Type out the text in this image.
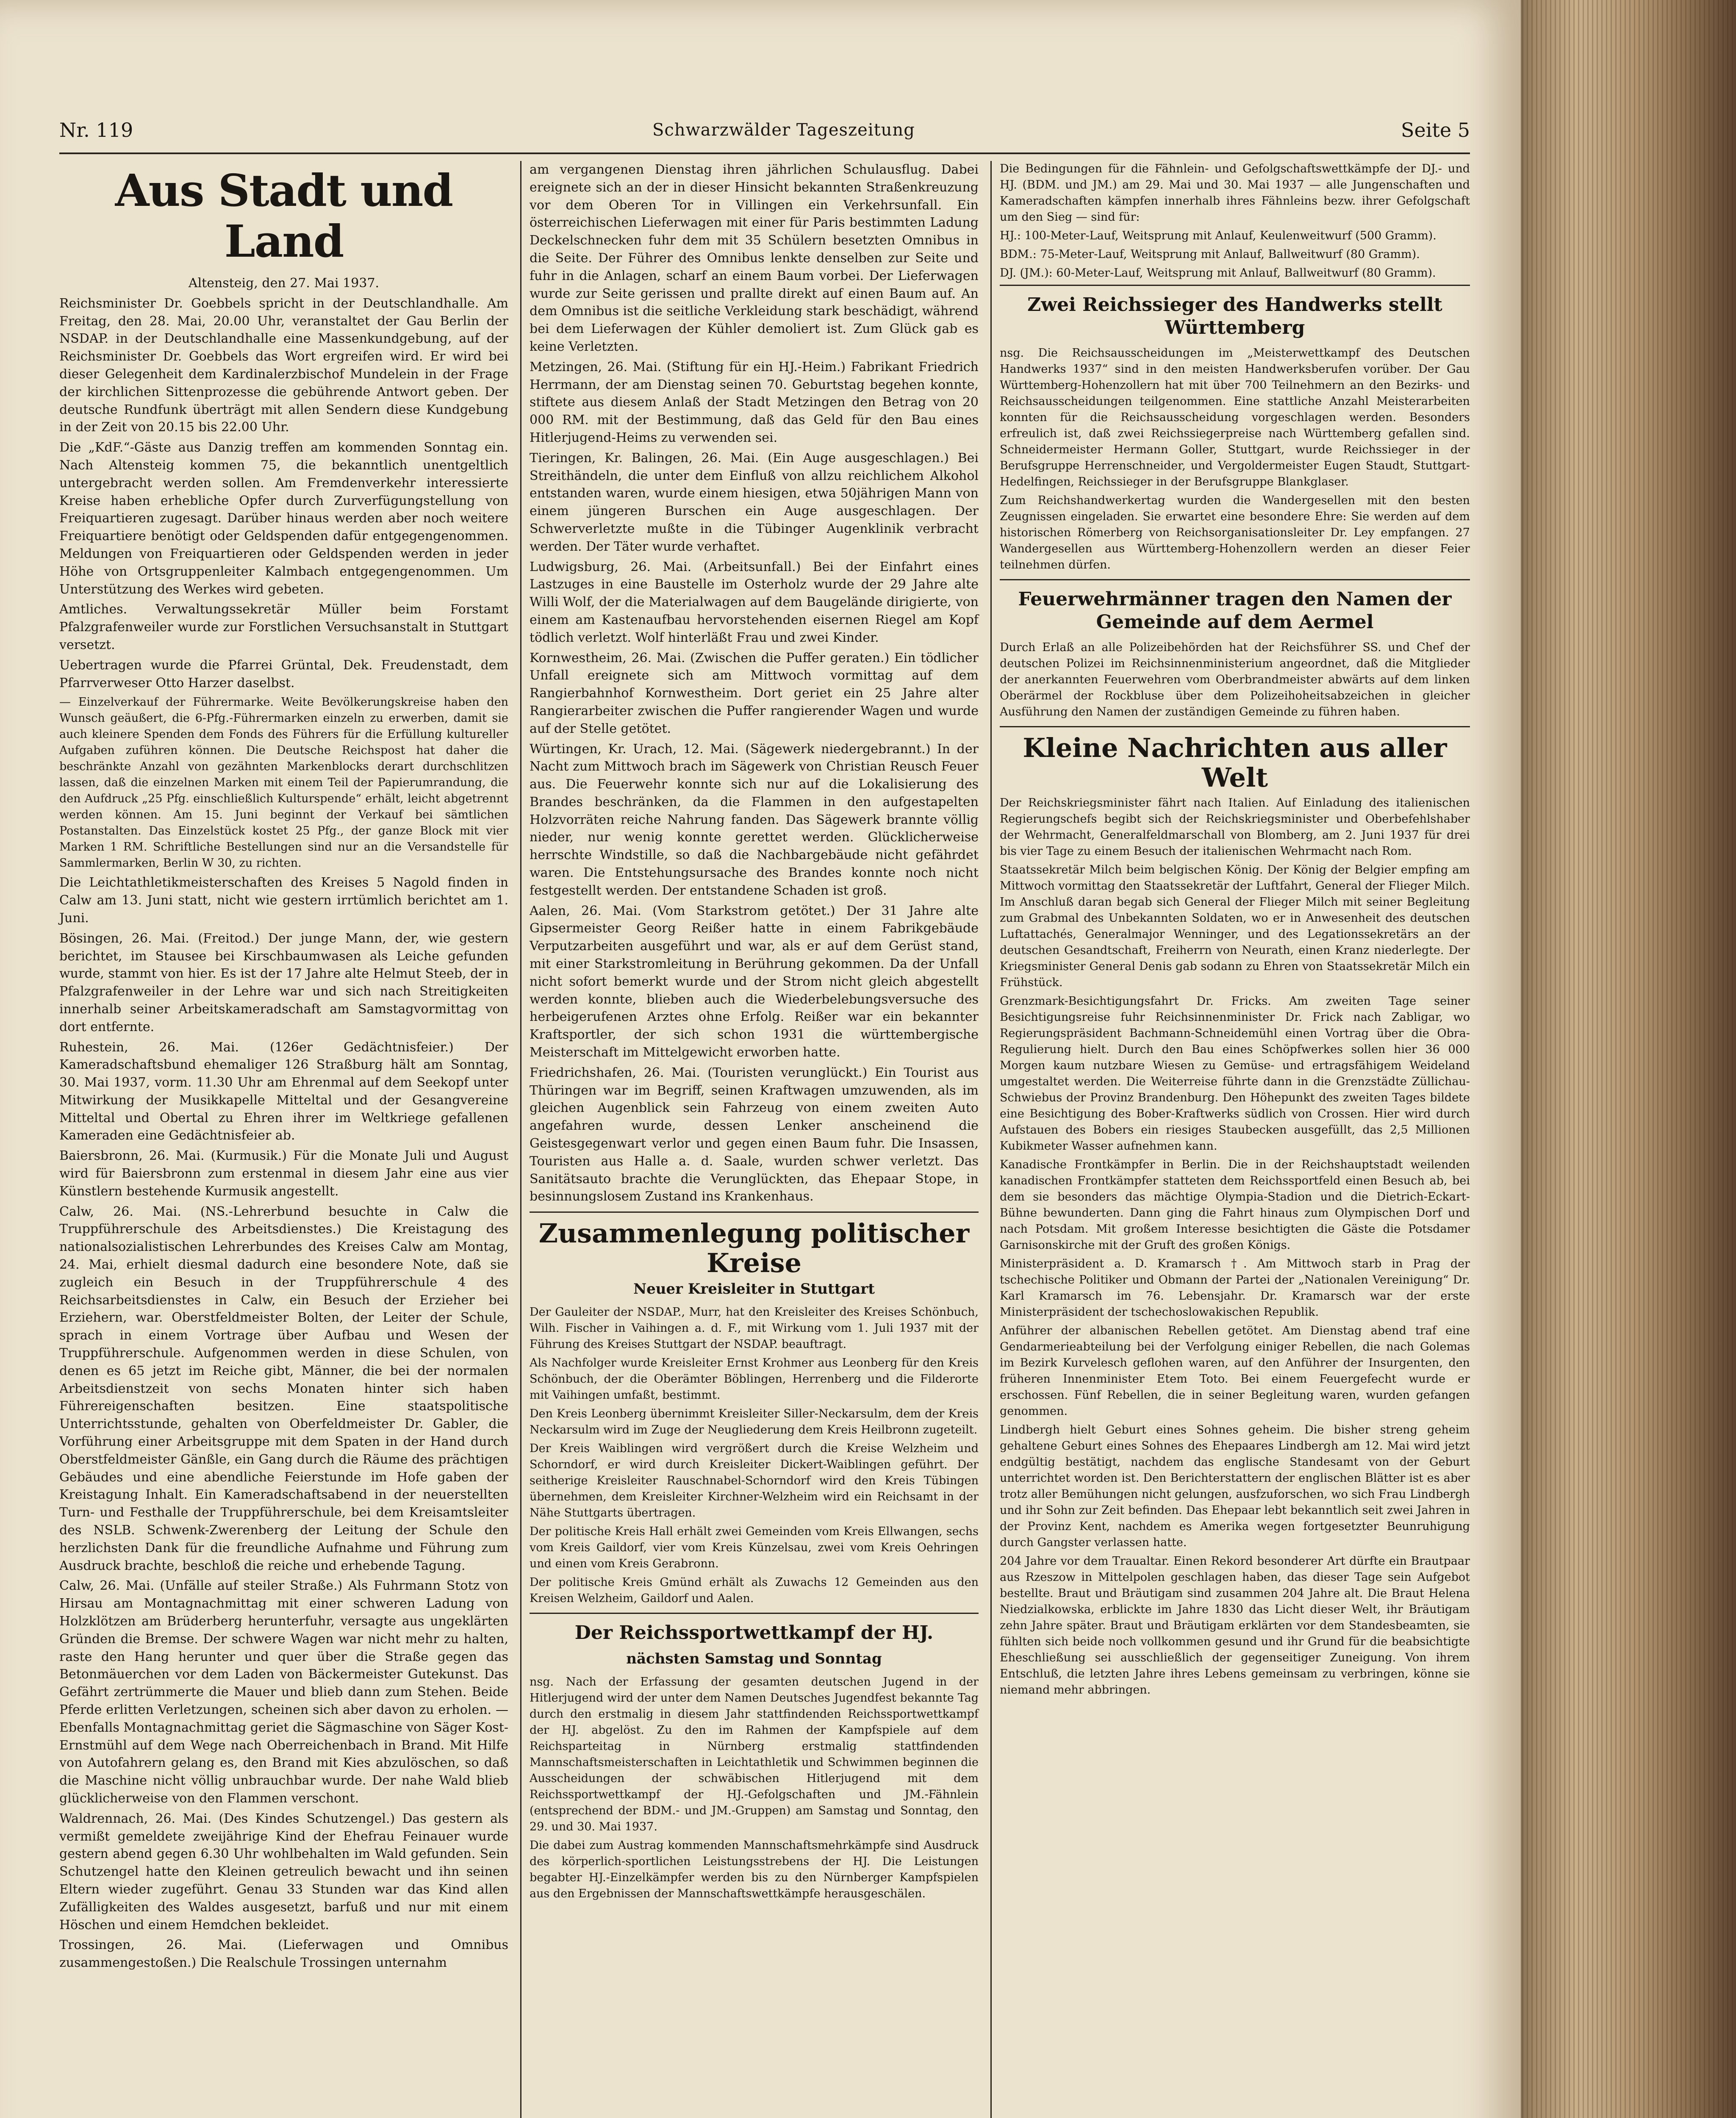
Nr. 119	Schwarzwälder Tageszeitung	Seite 5
Aus Stadt und Land

Altensteig, den 27. Mai 1937.

Reichsminister Dr. Goebbels spricht in der Deutschlandhalle. Am Freitag, den 28. Mai, 20.00 Uhr, veranstaltet der Gau Berlin der NSDAP. in der Deutschlandhalle eine Massenkundgebung, auf der Reichsminister Dr. Goebbels das Wort ergreifen wird. Er wird bei dieser Gelegenheit dem Kardinalerzbischof Mundelein in der Frage der kirchlichen Sittenprozesse die gebührende Antwort geben. Der deutsche Rundfunk überträgt mit allen Sendern diese Kundgebung in der Zeit von 20.15 bis 22.00 Uhr.

Die „KdF.“-Gäste aus Danzig treffen am kommenden Sonntag ein. Nach Altensteig kommen 75, die bekanntlich unentgeltlich untergebracht werden sollen. Am Fremdenverkehr interessierte Kreise haben erhebliche Opfer durch Zurverfügungstellung von Freiquartieren zugesagt. Darüber hinaus werden aber noch weitere Freiquartiere benötigt oder Geldspenden dafür entgegengenommen. Meldungen von Freiquartieren oder Geldspenden werden in jeder Höhe von Ortsgruppenleiter Kalmbach entgegengenommen. Um Unterstützung des Werkes wird gebeten.

Amtliches. Verwaltungssekretär Müller beim Forstamt Pfalzgrafenweiler wurde zur Forstlichen Versuchsanstalt in Stuttgart versetzt.

Uebertragen wurde die Pfarrei Grüntal, Dek. Freudenstadt, dem Pfarrverweser Otto Harzer daselbst.

— Einzelverkauf der Führermarke. Weite Bevölkerungskreise haben den Wunsch geäußert, die 6-Pfg.-Führermarken einzeln zu erwerben, damit sie auch kleinere Spenden dem Fonds des Führers für die Erfüllung kultureller Aufgaben zuführen können. Die Deutsche Reichspost hat daher die beschränkte Anzahl von gezähnten Markenblocks derart durchschlitzen lassen, daß die einzelnen Marken mit einem Teil der Papierumrandung, die den Aufdruck „25 Pfg. einschließlich Kulturspende“ erhält, leicht abgetrennt werden können. Am 15. Juni beginnt der Verkauf bei sämtlichen Postanstalten. Das Einzelstück kostet 25 Pfg., der ganze Block mit vier Marken 1 RM. Schriftliche Bestellungen sind nur an die Versandstelle für Sammlermarken, Berlin W 30, zu richten.

Die Leichtathletikmeisterschaften des Kreises 5 Nagold finden in Calw am 13. Juni statt, nicht wie gestern irrtümlich berichtet am 1. Juni.

Bösingen, 26. Mai. (Freitod.) Der junge Mann, der, wie gestern berichtet, im Stausee bei Kirschbaumwasen als Leiche gefunden wurde, stammt von hier. Es ist der 17 Jahre alte Helmut Steeb, der in Pfalzgrafenweiler in der Lehre war und sich nach Streitigkeiten innerhalb seiner Arbeitskameradschaft am Samstagvormittag von dort entfernte.

Ruhestein, 26. Mai. (126er Gedächtnisfeier.) Der Kameradschaftsbund ehemaliger 126 Straßburg hält am Sonntag, 30. Mai 1937, vorm. 11.30 Uhr am Ehrenmal auf dem Seekopf unter Mitwirkung der Musikkapelle Mitteltal und der Gesangvereine Mitteltal und Obertal zu Ehren ihrer im Weltkriege gefallenen Kameraden eine Gedächtnisfeier ab.

Baiersbronn, 26. Mai. (Kurmusik.) Für die Monate Juli und August wird für Baiersbronn zum erstenmal in diesem Jahr eine aus vier Künstlern bestehende Kurmusik angestellt.

Calw, 26. Mai. (NS.-Lehrerbund besuchte in Calw die Truppführerschule des Arbeitsdienstes.) Die Kreistagung des nationalsozialistischen Lehrerbundes des Kreises Calw am Montag, 24. Mai, erhielt diesmal dadurch eine besondere Note, daß sie zugleich ein Besuch in der Truppführerschule 4 des Reichsarbeitsdienstes in Calw, ein Besuch der Erzieher bei Erziehern, war. Oberstfeldmeister Bolten, der Leiter der Schule, sprach in einem Vortrage über Aufbau und Wesen der Truppführerschule. Aufgenommen werden in diese Schulen, von denen es 65 jetzt im Reiche gibt, Männer, die bei der normalen Arbeitsdienstzeit von sechs Monaten hinter sich haben Führereigenschaften besitzen. Eine staatspolitische Unterrichtsstunde, gehalten von Oberfeldmeister Dr. Gabler, die Vorführung einer Arbeitsgruppe mit dem Spaten in der Hand durch Oberstfeldmeister Gänßle, ein Gang durch die Räume des prächtigen Gebäudes und eine abendliche Feierstunde im Hofe gaben der Kreistagung Inhalt. Ein Kameradschaftsabend in der neuerstellten Turn- und Festhalle der Truppführerschule, bei dem Kreisamtsleiter des NSLB. Schwenk-Zwerenberg der Leitung der Schule den herzlichsten Dank für die freundliche Aufnahme und Führung zum Ausdruck brachte, beschloß die reiche und erhebende Tagung.

Calw, 26. Mai. (Unfälle auf steiler Straße.) Als Fuhrmann Stotz von Hirsau am Montagnachmittag mit einer schweren Ladung von Holzklötzen am Brüderberg herunterfuhr, versagte aus ungeklärten Gründen die Bremse. Der schwere Wagen war nicht mehr zu halten, raste den Hang herunter und quer über die Straße gegen das Betonmäuerchen vor dem Laden von Bäckermeister Gutekunst. Das Gefährt zertrümmerte die Mauer und blieb dann zum Stehen. Beide Pferde erlitten Verletzungen, scheinen sich aber davon zu erholen. — Ebenfalls Montagnachmittag geriet die Sägmaschine von Säger Kost-Ernstmühl auf dem Wege nach Oberreichenbach in Brand. Mit Hilfe von Autofahrern gelang es, den Brand mit Kies abzulöschen, so daß die Maschine nicht völlig unbrauchbar wurde. Der nahe Wald blieb glücklicherweise von den Flammen verschont.

Waldrennach, 26. Mai. (Des Kindes Schutzengel.) Das gestern als vermißt gemeldete zweijährige Kind der Ehefrau Feinauer wurde gestern abend gegen 6.30 Uhr wohlbehalten im Wald gefunden. Sein Schutzengel hatte den Kleinen getreulich bewacht und ihn seinen Eltern wieder zugeführt. Genau 33 Stunden war das Kind allen Zufälligkeiten des Waldes ausgesetzt, barfuß und nur mit einem Höschen und einem Hemdchen bekleidet.

Trossingen, 26. Mai. (Lieferwagen und Omnibus zusammengestoßen.) Die Realschule Trossingen unternahm

am vergangenen Dienstag ihren jährlichen Schulausflug. Dabei ereignete sich an der in dieser Hinsicht bekannten Straßenkreuzung vor dem Oberen Tor in Villingen ein Verkehrsunfall. Ein österreichischen Lieferwagen mit einer für Paris bestimmten Ladung Deckelschnecken fuhr dem mit 35 Schülern besetzten Omnibus in die Seite. Der Führer des Omnibus lenkte denselben zur Seite und fuhr in die Anlagen, scharf an einem Baum vorbei. Der Lieferwagen wurde zur Seite gerissen und prallte direkt auf einen Baum auf. An dem Omnibus ist die seitliche Verkleidung stark beschädigt, während bei dem Lieferwagen der Kühler demoliert ist. Zum Glück gab es keine Verletzten.

Metzingen, 26. Mai. (Stiftung für ein HJ.-Heim.) Fabrikant Friedrich Herrmann, der am Dienstag seinen 70. Geburtstag begehen konnte, stiftete aus diesem Anlaß der Stadt Metzingen den Betrag von 20 000 RM. mit der Bestimmung, daß das Geld für den Bau eines Hitlerjugend-Heims zu verwenden sei.

Tieringen, Kr. Balingen, 26. Mai. (Ein Auge ausgeschlagen.) Bei Streithändeln, die unter dem Einfluß von allzu reichlichem Alkohol entstanden waren, wurde einem hiesigen, etwa 50jährigen Mann von einem jüngeren Burschen ein Auge ausgeschlagen. Der Schwerverletzte mußte in die Tübinger Augenklinik verbracht werden. Der Täter wurde verhaftet.

Ludwigsburg, 26. Mai. (Arbeitsunfall.) Bei der Einfahrt eines Lastzuges in eine Baustelle im Osterholz wurde der 29 Jahre alte Willi Wolf, der die Materialwagen auf dem Baugelände dirigierte, von einem am Kastenaufbau hervorstehenden eisernen Riegel am Kopf tödlich verletzt. Wolf hinterläßt Frau und zwei Kinder.

Kornwestheim, 26. Mai. (Zwischen die Puffer geraten.) Ein tödlicher Unfall ereignete sich am Mittwoch vormittag auf dem Rangierbahnhof Kornwestheim. Dort geriet ein 25 Jahre alter Rangierarbeiter zwischen die Puffer rangierender Wagen und wurde auf der Stelle getötet.

Würtingen, Kr. Urach, 12. Mai. (Sägewerk niedergebrannt.) In der Nacht zum Mittwoch brach im Sägewerk von Christian Reusch Feuer aus. Die Feuerwehr konnte sich nur auf die Lokalisierung des Brandes beschränken, da die Flammen in den aufgestapelten Holzvorräten reiche Nahrung fanden. Das Sägewerk brannte völlig nieder, nur wenig konnte gerettet werden. Glücklicherweise herrschte Windstille, so daß die Nachbargebäude nicht gefährdet waren. Die Entstehungsursache des Brandes konnte noch nicht festgestellt werden. Der entstandene Schaden ist groß.

Aalen, 26. Mai. (Vom Starkstrom getötet.) Der 31 Jahre alte Gipsermeister Georg Reißer hatte in einem Fabrikgebäude Verputzarbeiten ausgeführt und war, als er auf dem Gerüst stand, mit einer Starkstromleitung in Berührung gekommen. Da der Unfall nicht sofort bemerkt wurde und der Strom nicht gleich abgestellt werden konnte, blieben auch die Wiederbelebungsversuche des herbeigerufenen Arztes ohne Erfolg. Reißer war ein bekannter Kraftsportler, der sich schon 1931 die württembergische Meisterschaft im Mittelgewicht erworben hatte.

Friedrichshafen, 26. Mai. (Touristen verunglückt.) Ein Tourist aus Thüringen war im Begriff, seinen Kraftwagen umzuwenden, als im gleichen Augenblick sein Fahrzeug von einem zweiten Auto angefahren wurde, dessen Lenker anscheinend die Geistesgegenwart verlor und gegen einen Baum fuhr. Die Insassen, Touristen aus Halle a. d. Saale, wurden schwer verletzt. Das Sanitätsauto brachte die Verunglückten, das Ehepaar Stope, in besinnungslosem Zustand ins Krankenhaus.

Zusammenlegung politischer Kreise
Neuer Kreisleiter in Stuttgart

Der Gauleiter der NSDAP., Murr, hat den Kreisleiter des Kreises Schönbuch, Wilh. Fischer in Vaihingen a. d. F., mit Wirkung vom 1. Juli 1937 mit der Führung des Kreises Stuttgart der NSDAP. beauftragt.

Als Nachfolger wurde Kreisleiter Ernst Krohmer aus Leonberg für den Kreis Schönbuch, der die Oberämter Böblingen, Herrenberg und die Filderorte mit Vaihingen umfaßt, bestimmt.

Den Kreis Leonberg übernimmt Kreisleiter Siller-Neckarsulm, dem der Kreis Neckarsulm wird im Zuge der Neugliederung dem Kreis Heilbronn zugeteilt.

Der Kreis Waiblingen wird vergrößert durch die Kreise Welzheim und Schorndorf, er wird durch Kreisleiter Dickert-Waiblingen geführt. Der seitherige Kreisleiter Rauschnabel-Schorndorf wird den Kreis Tübingen übernehmen, dem Kreisleiter Kirchner-Welzheim wird ein Reichsamt in der Nähe Stuttgarts übertragen.

Der politische Kreis Hall erhält zwei Gemeinden vom Kreis Ellwangen, sechs vom Kreis Gaildorf, vier vom Kreis Künzelsau, zwei vom Kreis Oehringen und einen vom Kreis Gerabronn.

Der politische Kreis Gmünd erhält als Zuwachs 12 Gemeinden aus den Kreisen Welzheim, Gaildorf und Aalen.

Der Reichssportwettkampf der HJ.
nächsten Samstag und Sonntag

nsg. Nach der Erfassung der gesamten deutschen Jugend in der Hitlerjugend wird der unter dem Namen Deutsches Jugendfest bekannte Tag durch den erstmalig in diesem Jahr stattfindenden Reichssportwettkampf der HJ. abgelöst. Zu den im Rahmen der Kampfspiele auf dem Reichsparteitag in Nürnberg erstmalig stattfindenden Mannschaftsmeisterschaften in Leichtathletik und Schwimmen beginnen die Ausscheidungen der schwäbischen Hitlerjugend mit dem Reichssportwettkampf der HJ.-Gefolgschaften und JM.-Fähnlein (entsprechend der BDM.- und JM.-Gruppen) am Samstag und Sonntag, den 29. und 30. Mai 1937.

Die dabei zum Austrag kommenden Mannschaftsmehrkämpfe sind Ausdruck des körperlich-sportlichen Leistungsstrebens der HJ. Die Leistungen begabter HJ.-Einzelkämpfer werden bis zu den Nürnberger Kampfspielen aus den Ergebnissen der Mannschaftswettkämpfe herausgeschälen.

Die Bedingungen für die Fähnlein- und Gefolgschaftswettkämpfe der DJ.- und HJ. (BDM. und JM.) am 29. Mai und 30. Mai 1937 — alle Jungenschaften und Kameradschaften kämpfen innerhalb ihres Fähnleins bezw. ihrer Gefolgschaft um den Sieg — sind für:

HJ.: 100-Meter-Lauf, Weitsprung mit Anlauf, Keulenweitwurf (500 Gramm).

BDM.: 75-Meter-Lauf, Weitsprung mit Anlauf, Ballweitwurf (80 Gramm).

DJ. (JM.): 60-Meter-Lauf, Weitsprung mit Anlauf, Ballweitwurf (80 Gramm).

Zwei Reichssieger des Handwerks stellt Württemberg

nsg. Die Reichsausscheidungen im „Meisterwettkampf des Deutschen Handwerks 1937“ sind in den meisten Handwerksberufen vorüber. Der Gau Württemberg-Hohenzollern hat mit über 700 Teilnehmern an den Bezirks- und Reichsausscheidungen teilgenommen. Eine stattliche Anzahl Meisterarbeiten konnten für die Reichsausscheidung vorgeschlagen werden. Besonders erfreulich ist, daß zwei Reichssiegerpreise nach Württemberg gefallen sind. Schneidermeister Hermann Goller, Stuttgart, wurde Reichssieger in der Berufsgruppe Herrenschneider, und Vergoldermeister Eugen Staudt, Stuttgart-Hedelfingen, Reichssieger in der Berufsgruppe Blankglaser.

Zum Reichshandwerkertag wurden die Wandergesellen mit den besten Zeugnissen eingeladen. Sie erwartet eine besondere Ehre: Sie werden auf dem historischen Römerberg von Reichsorganisationsleiter Dr. Ley empfangen. 27 Wandergesellen aus Württemberg-Hohenzollern werden an dieser Feier teilnehmen dürfen.

Feuerwehrmänner tragen den Namen der Gemeinde auf dem Aermel

Durch Erlaß an alle Polizeibehörden hat der Reichsführer SS. und Chef der deutschen Polizei im Reichsinnenministerium angeordnet, daß die Mitglieder der anerkannten Feuerwehren vom Oberbrandmeister abwärts auf dem linken Oberärmel der Rockbluse über dem Polizeihoheitsabzeichen in gleicher Ausführung den Namen der zuständigen Gemeinde zu führen haben.

Kleine Nachrichten aus aller Welt

Der Reichskriegsminister fährt nach Italien. Auf Einladung des italienischen Regierungschefs begibt sich der Reichskriegsminister und Oberbefehlshaber der Wehrmacht, Generalfeldmarschall von Blomberg, am 2. Juni 1937 für drei bis vier Tage zu einem Besuch der italienischen Wehrmacht nach Rom.

Staatssekretär Milch beim belgischen König. Der König der Belgier empfing am Mittwoch vormittag den Staatssekretär der Luftfahrt, General der Flieger Milch. Im Anschluß daran begab sich General der Flieger Milch mit seiner Begleitung zum Grabmal des Unbekannten Soldaten, wo er in Anwesenheit des deutschen Luftattachés, Generalmajor Wenninger, und des Legationssekretärs an der deutschen Gesandtschaft, Freiherrn von Neurath, einen Kranz niederlegte. Der Kriegsminister General Denis gab sodann zu Ehren von Staatssekretär Milch ein Frühstück.

Grenzmark-Besichtigungsfahrt Dr. Fricks. Am zweiten Tage seiner Besichtigungsreise fuhr Reichsinnenminister Dr. Frick nach Zabligar, wo Regierungspräsident Bachmann-Schneidemühl einen Vortrag über die Obra-Regulierung hielt. Durch den Bau eines Schöpfwerkes sollen hier 36 000 Morgen kaum nutzbare Wiesen zu Gemüse- und ertragsfähigem Weideland umgestaltet werden. Die Weiterreise führte dann in die Grenzstädte Züllichau-Schwiebus der Provinz Brandenburg. Den Höhepunkt des zweiten Tages bildete eine Besichtigung des Bober-Kraftwerks südlich von Crossen. Hier wird durch Aufstauen des Bobers ein riesiges Staubecken ausgefüllt, das 2,5 Millionen Kubikmeter Wasser aufnehmen kann.

Kanadische Frontkämpfer in Berlin. Die in der Reichshauptstadt weilenden kanadischen Frontkämpfer statteten dem Reichssportfeld einen Besuch ab, bei dem sie besonders das mächtige Olympia-Stadion und die Dietrich-Eckart-Bühne bewunderten. Dann ging die Fahrt hinaus zum Olympischen Dorf und nach Potsdam. Mit großem Interesse besichtigten die Gäste die Potsdamer Garnisonskirche mit der Gruft des großen Königs.

Ministerpräsident a. D. Kramarsch †. Am Mittwoch starb in Prag der tschechische Politiker und Obmann der Partei der „Nationalen Vereinigung“ Dr. Karl Kramarsch im 76. Lebensjahr. Dr. Kramarsch war der erste Ministerpräsident der tschechoslowakischen Republik.

Anführer der albanischen Rebellen getötet. Am Dienstag abend traf eine Gendarmerieabteilung bei der Verfolgung einiger Rebellen, die nach Golemas im Bezirk Kurvelesch geflohen waren, auf den Anführer der Insurgenten, den früheren Innenminister Etem Toto. Bei einem Feuergefecht wurde er erschossen. Fünf Rebellen, die in seiner Begleitung waren, wurden gefangen genommen.

Lindbergh hielt Geburt eines Sohnes geheim. Die bisher streng geheim gehaltene Geburt eines Sohnes des Ehepaares Lindbergh am 12. Mai wird jetzt endgültig bestätigt, nachdem das englische Standesamt von der Geburt unterrichtet worden ist. Den Berichterstattern der englischen Blätter ist es aber trotz aller Bemühungen nicht gelungen, ausfzuforschen, wo sich Frau Lindbergh und ihr Sohn zur Zeit befinden. Das Ehepaar lebt bekanntlich seit zwei Jahren in der Provinz Kent, nachdem es Amerika wegen fortgesetzter Beunruhigung durch Gangster verlassen hatte.

204 Jahre vor dem Traualtar. Einen Rekord besonderer Art dürfte ein Brautpaar aus Rzeszow in Mittelpolen geschlagen haben, das dieser Tage sein Aufgebot bestellte. Braut und Bräutigam sind zusammen 204 Jahre alt. Die Braut Helena Niedzialkowska, erblickte im Jahre 1830 das Licht dieser Welt, ihr Bräutigam zehn Jahre später. Braut und Bräutigam erklärten vor dem Standesbeamten, sie fühlten sich beide noch vollkommen gesund und ihr Grund für die beabsichtigte Eheschließung sei ausschließlich der gegenseitiger Zuneigung. Von ihrem Entschluß, die letzten Jahre ihres Lebens gemeinsam zu verbringen, könne sie niemand mehr abbringen.
